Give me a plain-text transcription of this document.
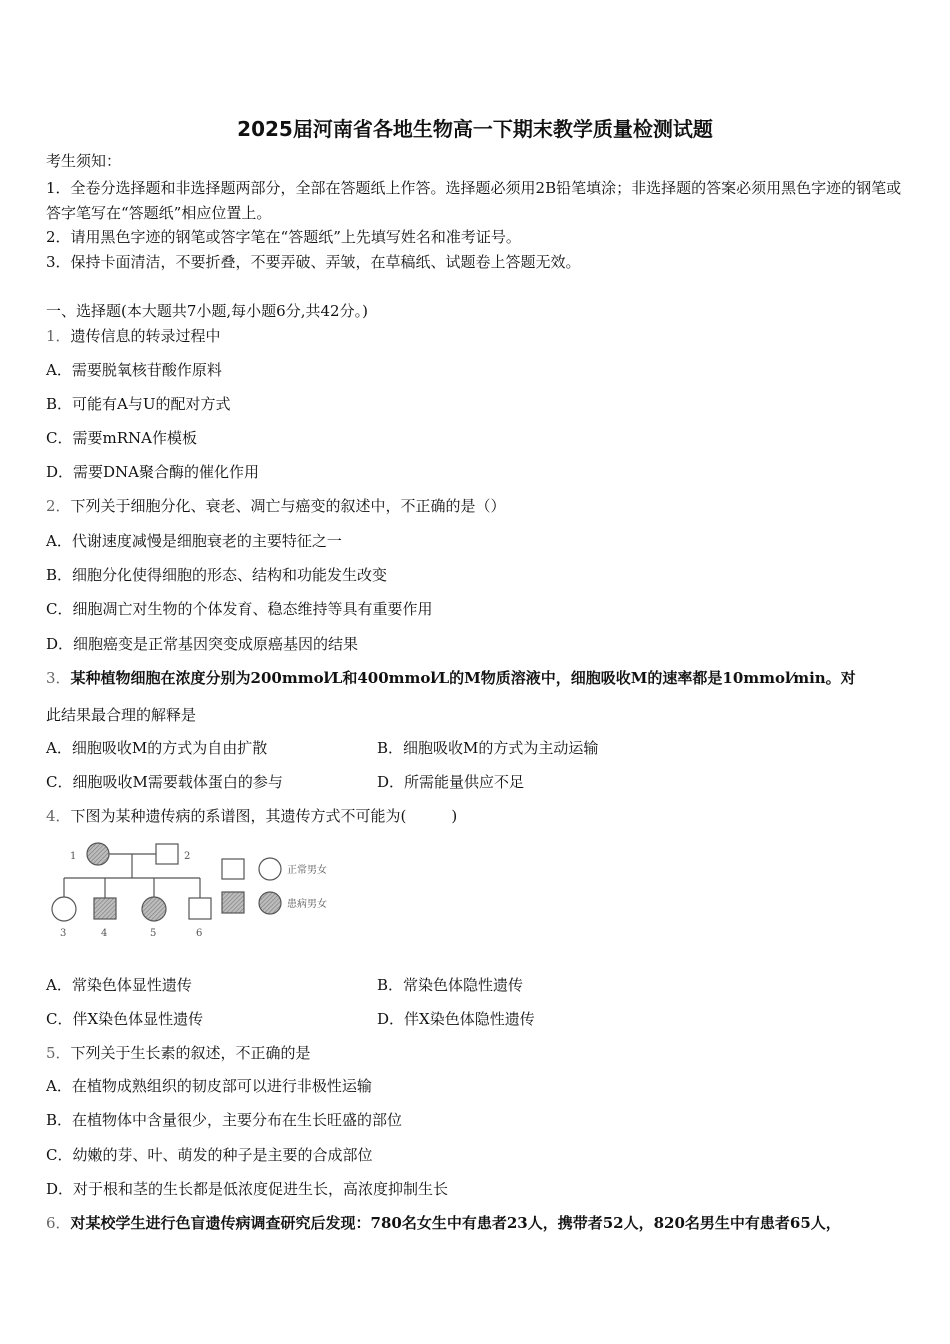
2025届河南省各地生物高一下期末教学质量检测试题
考生须知：
1．全卷分选择题和非选择题两部分，全部在答题纸上作答。选择题必须用2B铅笔填涂；非选择题的答案必须用黑色字迹的钢笔或答字笔写在“答题纸”相应位置上。
2．请用黑色字迹的钢笔或答字笔在“答题纸”上先填写姓名和准考证号。
3．保持卡面清洁，不要折叠，不要弄破、弄皱，在草稿纸、试题卷上答题无效。
一、选择题(本大题共7小题,每小题6分,共42分。)
1．遗传信息的转录过程中
A．需要脱氧核苷酸作原料
B．可能有A与U的配对方式
C．需要mRNA作模板
D．需要DNA聚合酶的催化作用
2．下列关于细胞分化、衰老、凋亡与癌变的叙述中，不正确的是（）
A．代谢速度减慢是细胞衰老的主要特征之一
B．细胞分化使得细胞的形态、结构和功能发生改变
C．细胞凋亡对生物的个体发育、稳态维持等具有重要作用
D．细胞癌变是正常基因突变成原癌基因的结果
3．某种植物细胞在浓度分别为200mmol⁄L和400mmol⁄L的M物质溶液中，细胞吸收M的速率都是10mmol⁄min。对
此结果最合理的解释是
A．细胞吸收M的方式为自由扩散	B．细胞吸收M的方式为主动运输
C．细胞吸收M需要载体蛋白的参与	D．所需能量供应不足
4．下图为某种遗传病的系谱图，其遗传方式不可能为(　　　)
1	2
3	4	5	6
正常男女
患病男女
A．常染色体显性遗传	B．常染色体隐性遗传
C．伴X染色体显性遗传	D．伴X染色体隐性遗传
5．下列关于生长素的叙述，不正确的是
A．在植物成熟组织的韧皮部可以进行非极性运输
B．在植物体中含量很少，主要分布在生长旺盛的部位
C．幼嫩的芽、叶、萌发的种子是主要的合成部位
D．对于根和茎的生长都是低浓度促进生长，高浓度抑制生长
6．对某校学生进行色盲遗传病调查研究后发现：780名女生中有患者23人，携带者52人，820名男生中有患者65人，
